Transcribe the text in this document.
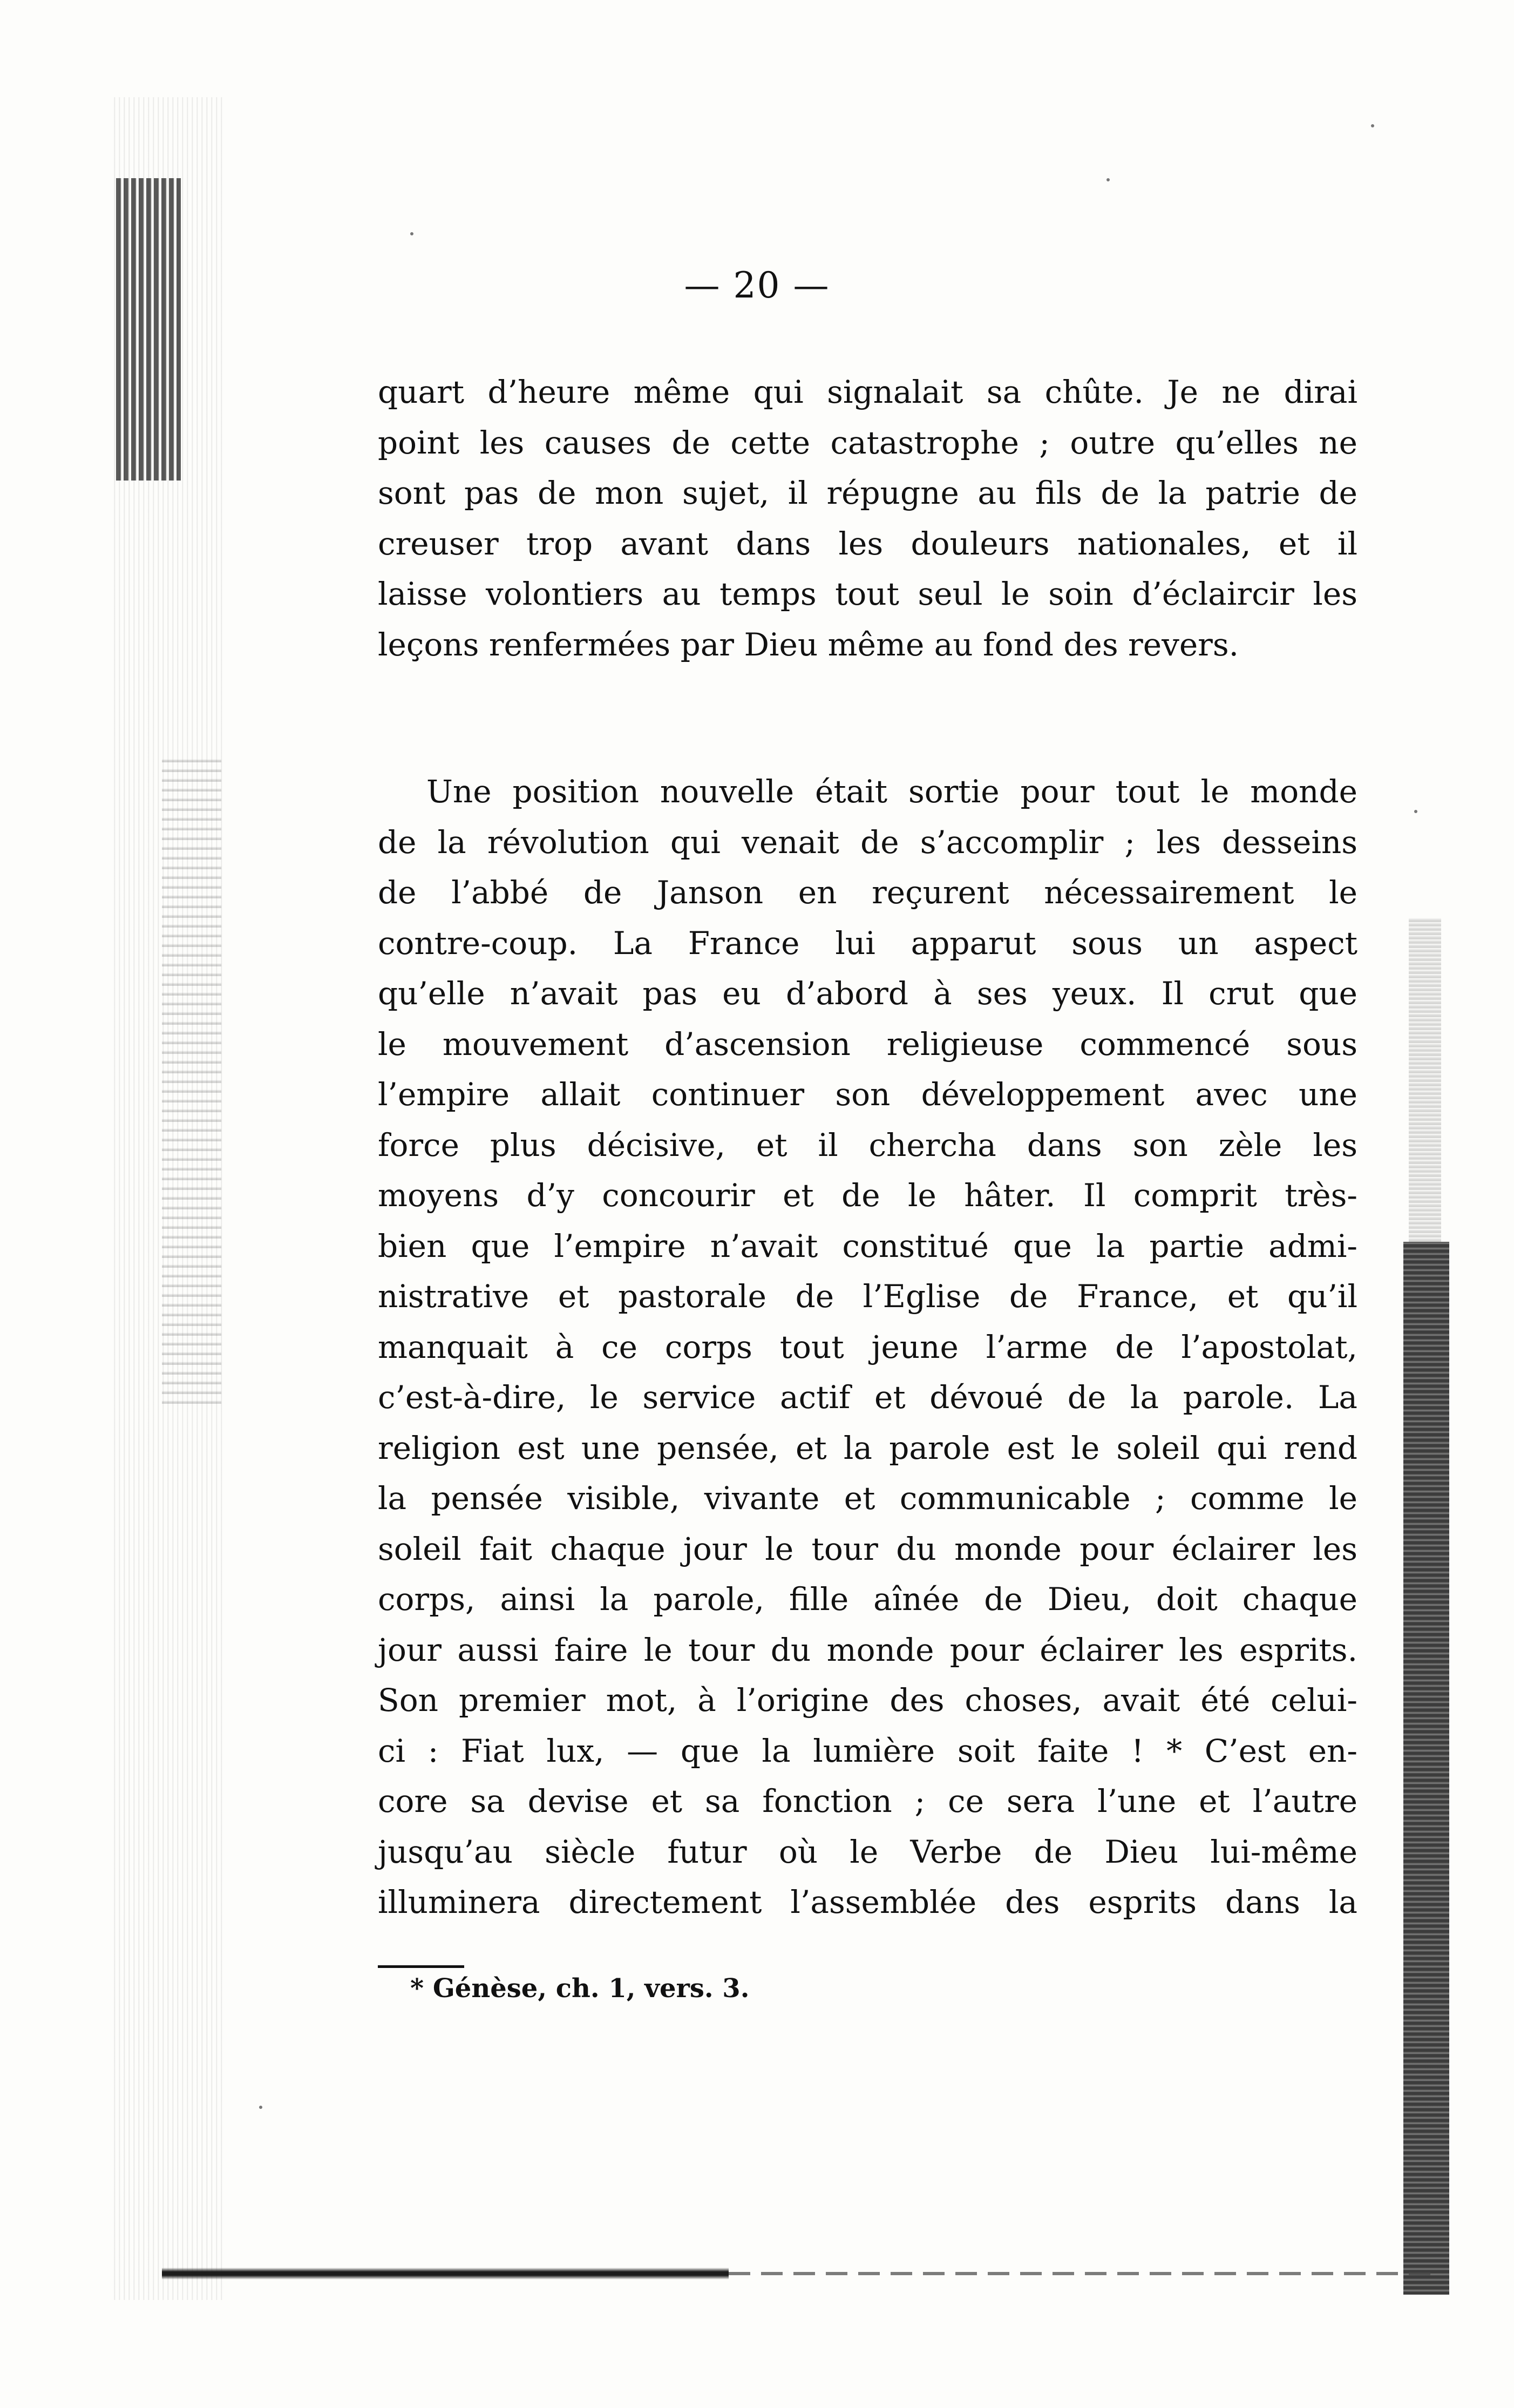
— 20 —
quart d’heure même qui signalait sa chûte. Je ne dirai
point les causes de cette catastrophe ; outre qu’elles ne
sont pas de mon sujet, il répugne au fils de la patrie de
creuser trop avant dans les douleurs nationales, et il
laisse volontiers au temps tout seul le soin d’éclaircir les
leçons renfermées par Dieu même au fond des revers.
Une position nouvelle était sortie pour tout le monde
de la révolution qui venait de s’accomplir ; les desseins
de l’abbé de Janson en reçurent nécessairement le
contre-coup. La France lui apparut sous un aspect
qu’elle n’avait pas eu d’abord à ses yeux. Il crut que
le mouvement d’ascension religieuse commencé sous
l’empire allait continuer son développement avec une
force plus décisive, et il chercha dans son zèle les
moyens d’y concourir et de le hâter. Il comprit très-
bien que l’empire n’avait constitué que la partie admi-
nistrative et pastorale de l’Eglise de France, et qu’il
manquait à ce corps tout jeune l’arme de l’apostolat,
c’est-à-dire, le service actif et dévoué de la parole. La
religion est une pensée, et la parole est le soleil qui rend
la pensée visible, vivante et communicable ; comme le
soleil fait chaque jour le tour du monde pour éclairer les
corps, ainsi la parole, fille aînée de Dieu, doit chaque
jour aussi faire le tour du monde pour éclairer les esprits.
Son premier mot, à l’origine des choses, avait été celui-
ci : Fiat lux, — que la lumière soit faite ! * C’est en-
core sa devise et sa fonction ; ce sera l’une et l’autre
jusqu’au siècle futur où le Verbe de Dieu lui-même
illuminera directement l’assemblée des esprits dans la
* Génèse, ch. 1, vers. 3.
